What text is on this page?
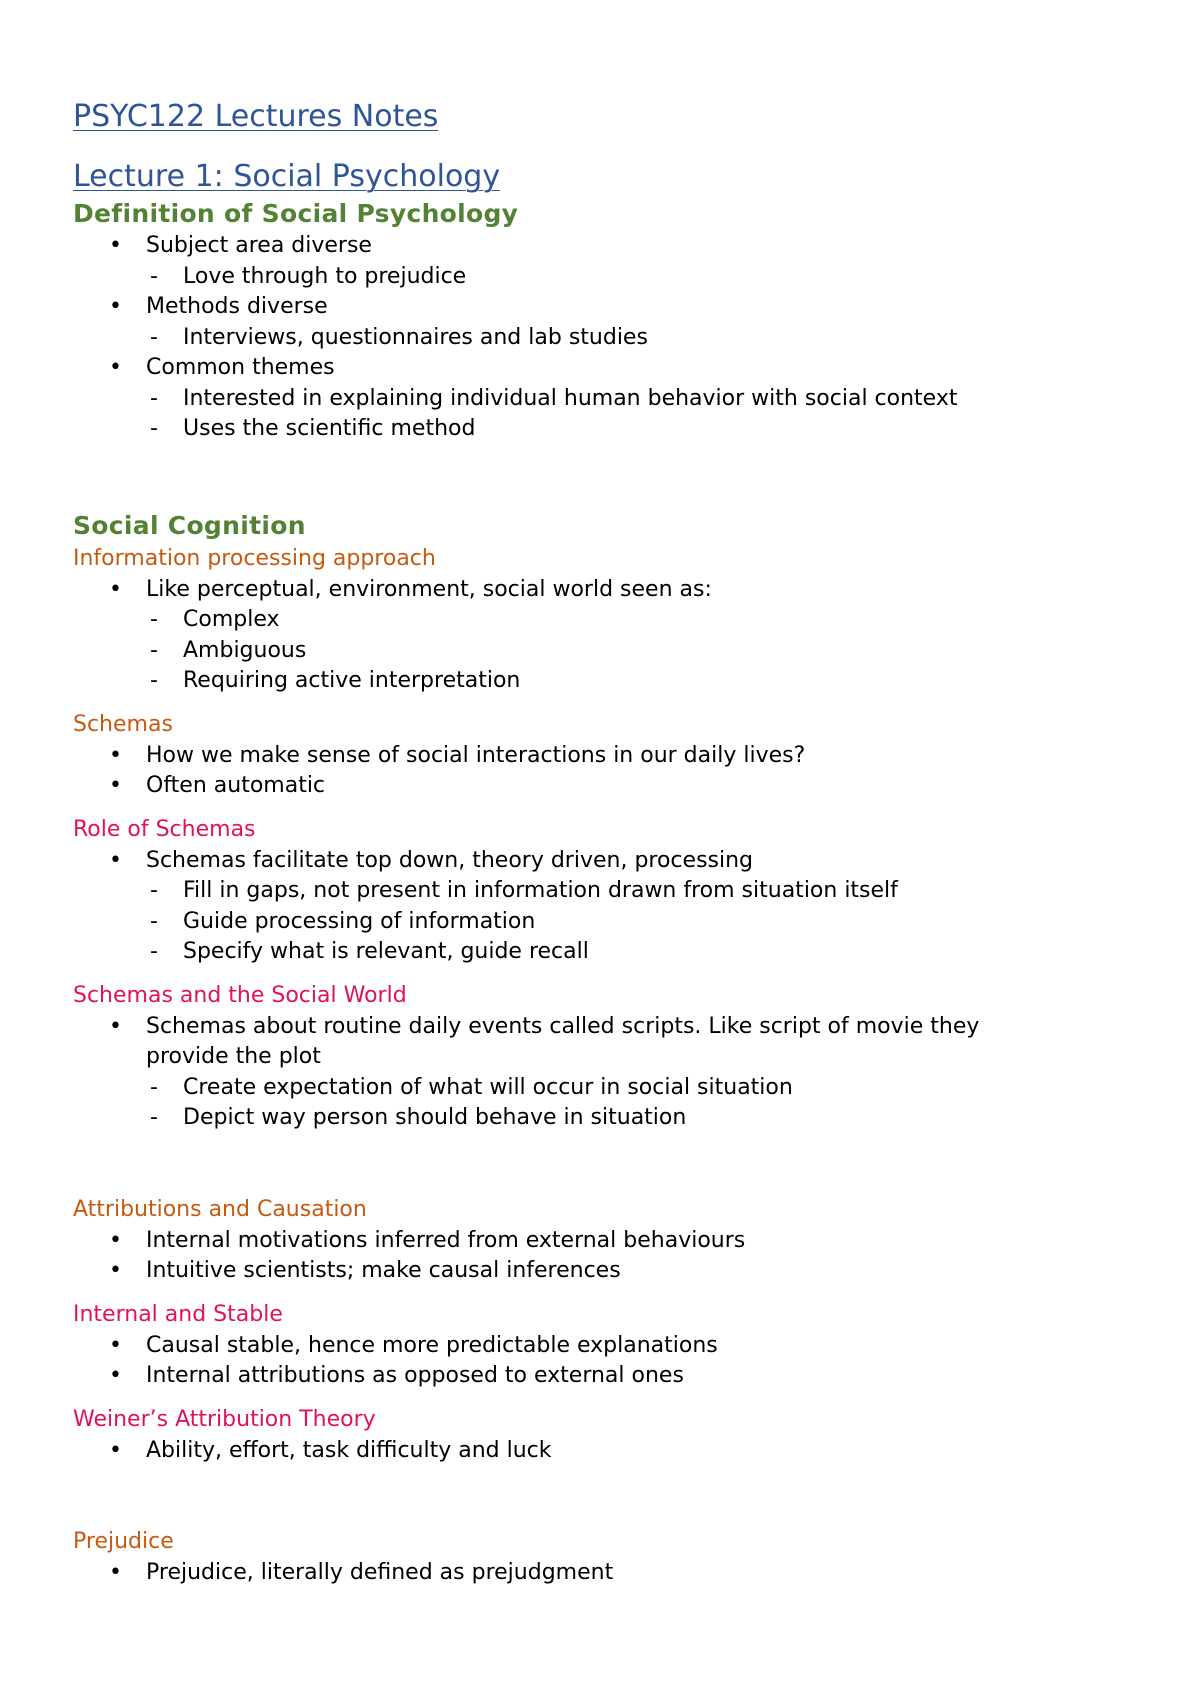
PSYC122 Lectures Notes
Lecture 1: Social Psychology
Definition of Social Psychology
• Subject area diverse
- Love through to prejudice
• Methods diverse
- Interviews, questionnaires and lab studies
• Common themes
- Interested in explaining individual human behavior with social context
- Uses the scientific method
Social Cognition
Information processing approach
• Like perceptual, environment, social world seen as:
- Complex
- Ambiguous
- Requiring active interpretation
Schemas
• How we make sense of social interactions in our daily lives?
• Often automatic
Role of Schemas
• Schemas facilitate top down, theory driven, processing
- Fill in gaps, not present in information drawn from situation itself
- Guide processing of information
- Specify what is relevant, guide recall
Schemas and the Social World
• Schemas about routine daily events called scripts. Like script of movie they
provide the plot
- Create expectation of what will occur in social situation
- Depict way person should behave in situation
Attributions and Causation
• Internal motivations inferred from external behaviours
• Intuitive scientists; make causal inferences
Internal and Stable
• Causal stable, hence more predictable explanations
• Internal attributions as opposed to external ones
Weiner’s Attribution Theory
• Ability, effort, task difficulty and luck
Prejudice
• Prejudice, literally defined as prejudgment
